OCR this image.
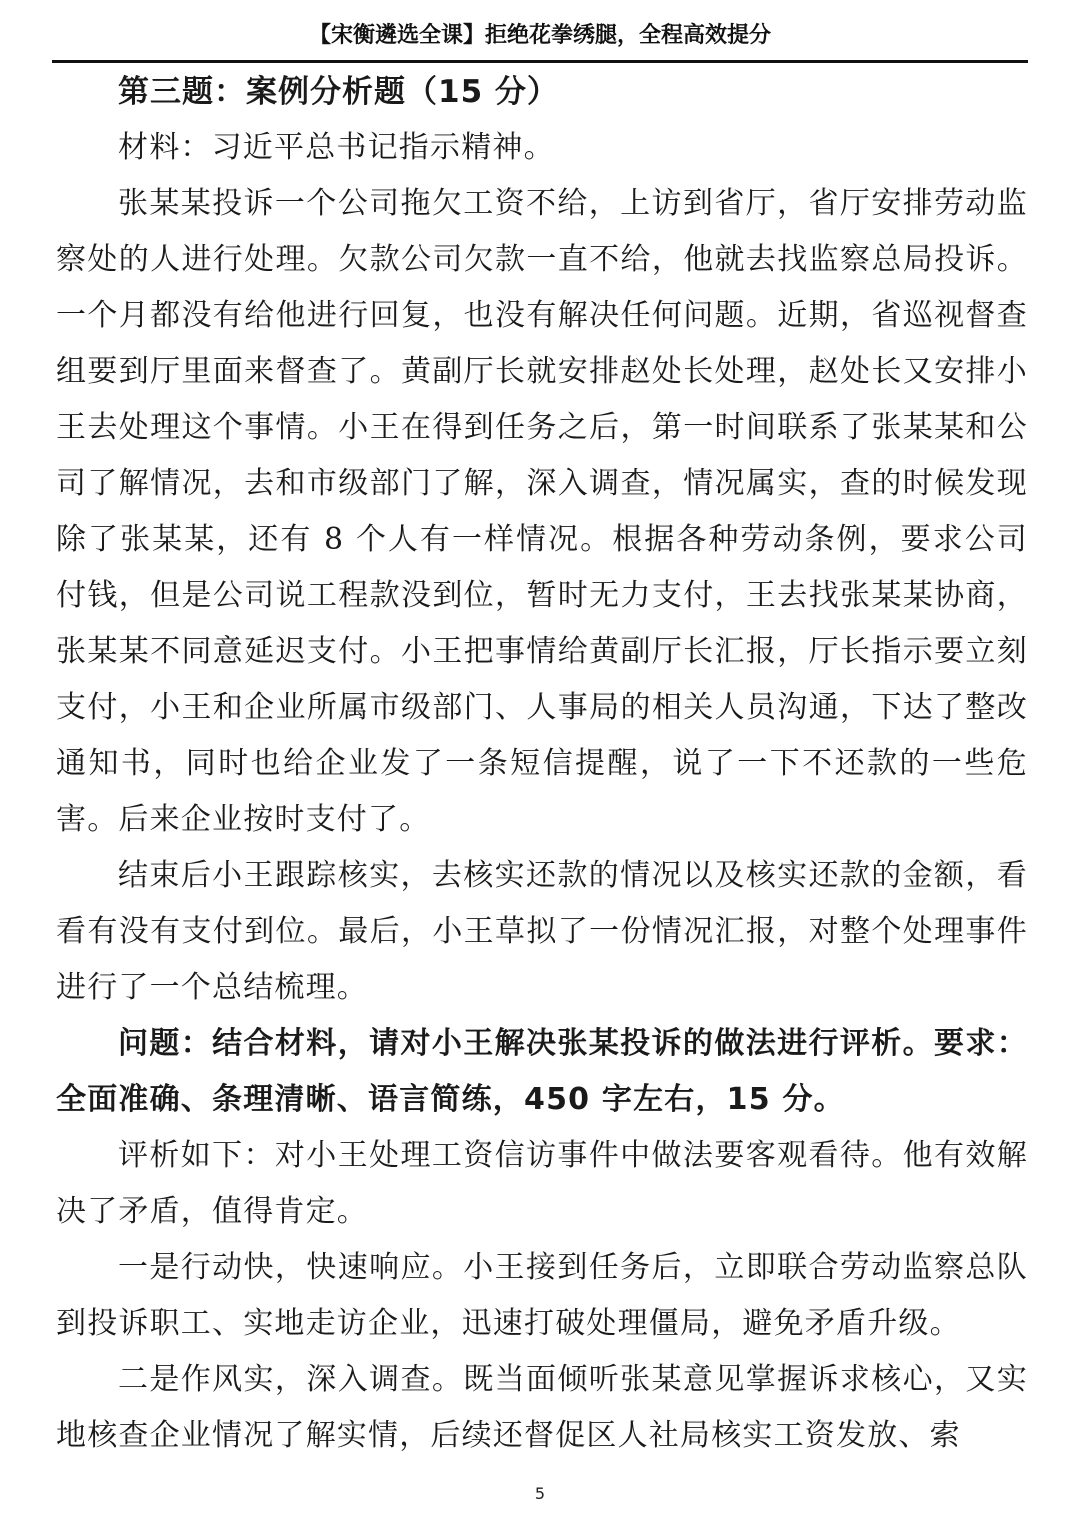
【宋衡遴选全课】拒绝花拳绣腿，全程高效提分

第三题：案例分析题（15 分）

材料：习近平总书记指示精神。

张某某投诉一个公司拖欠工资不给，上访到省厅，省厅安排劳动监察处的人进行处理。欠款公司欠款一直不给，他就去找监察总局投诉。一个月都没有给他进行回复，也没有解决任何问题。近期，省巡视督查组要到厅里面来督查了。黄副厅长就安排赵处长处理，赵处长又安排小王去处理这个事情。小王在得到任务之后，第一时间联系了张某某和公司了解情况，去和市级部门了解，深入调查，情况属实，查的时候发现除了张某某，还有 8 个人有一样情况。根据各种劳动条例，要求公司付钱，但是公司说工程款没到位，暂时无力支付，王去找张某某协商，张某某不同意延迟支付。小王把事情给黄副厅长汇报，厅长指示要立刻支付，小王和企业所属市级部门、人事局的相关人员沟通，下达了整改通知书，同时也给企业发了一条短信提醒，说了一下不还款的一些危害。后来企业按时支付了。

结束后小王跟踪核实，去核实还款的情况以及核实还款的金额，看看有没有支付到位。最后，小王草拟了一份情况汇报，对整个处理事件进行了一个总结梳理。

问题：结合材料，请对小王解决张某投诉的做法进行评析。要求：全面准确、条理清晰、语言简练，450 字左右，15 分。

评析如下：对小王处理工资信访事件中做法要客观看待。他有效解决了矛盾，值得肯定。

一是行动快，快速响应。小王接到任务后，立即联合劳动监察总队到投诉职工、实地走访企业，迅速打破处理僵局，避免矛盾升级。

二是作风实，深入调查。既当面倾听张某意见掌握诉求核心，又实地核查企业情况了解实情，后续还督促区人社局核实工资发放、索

5
